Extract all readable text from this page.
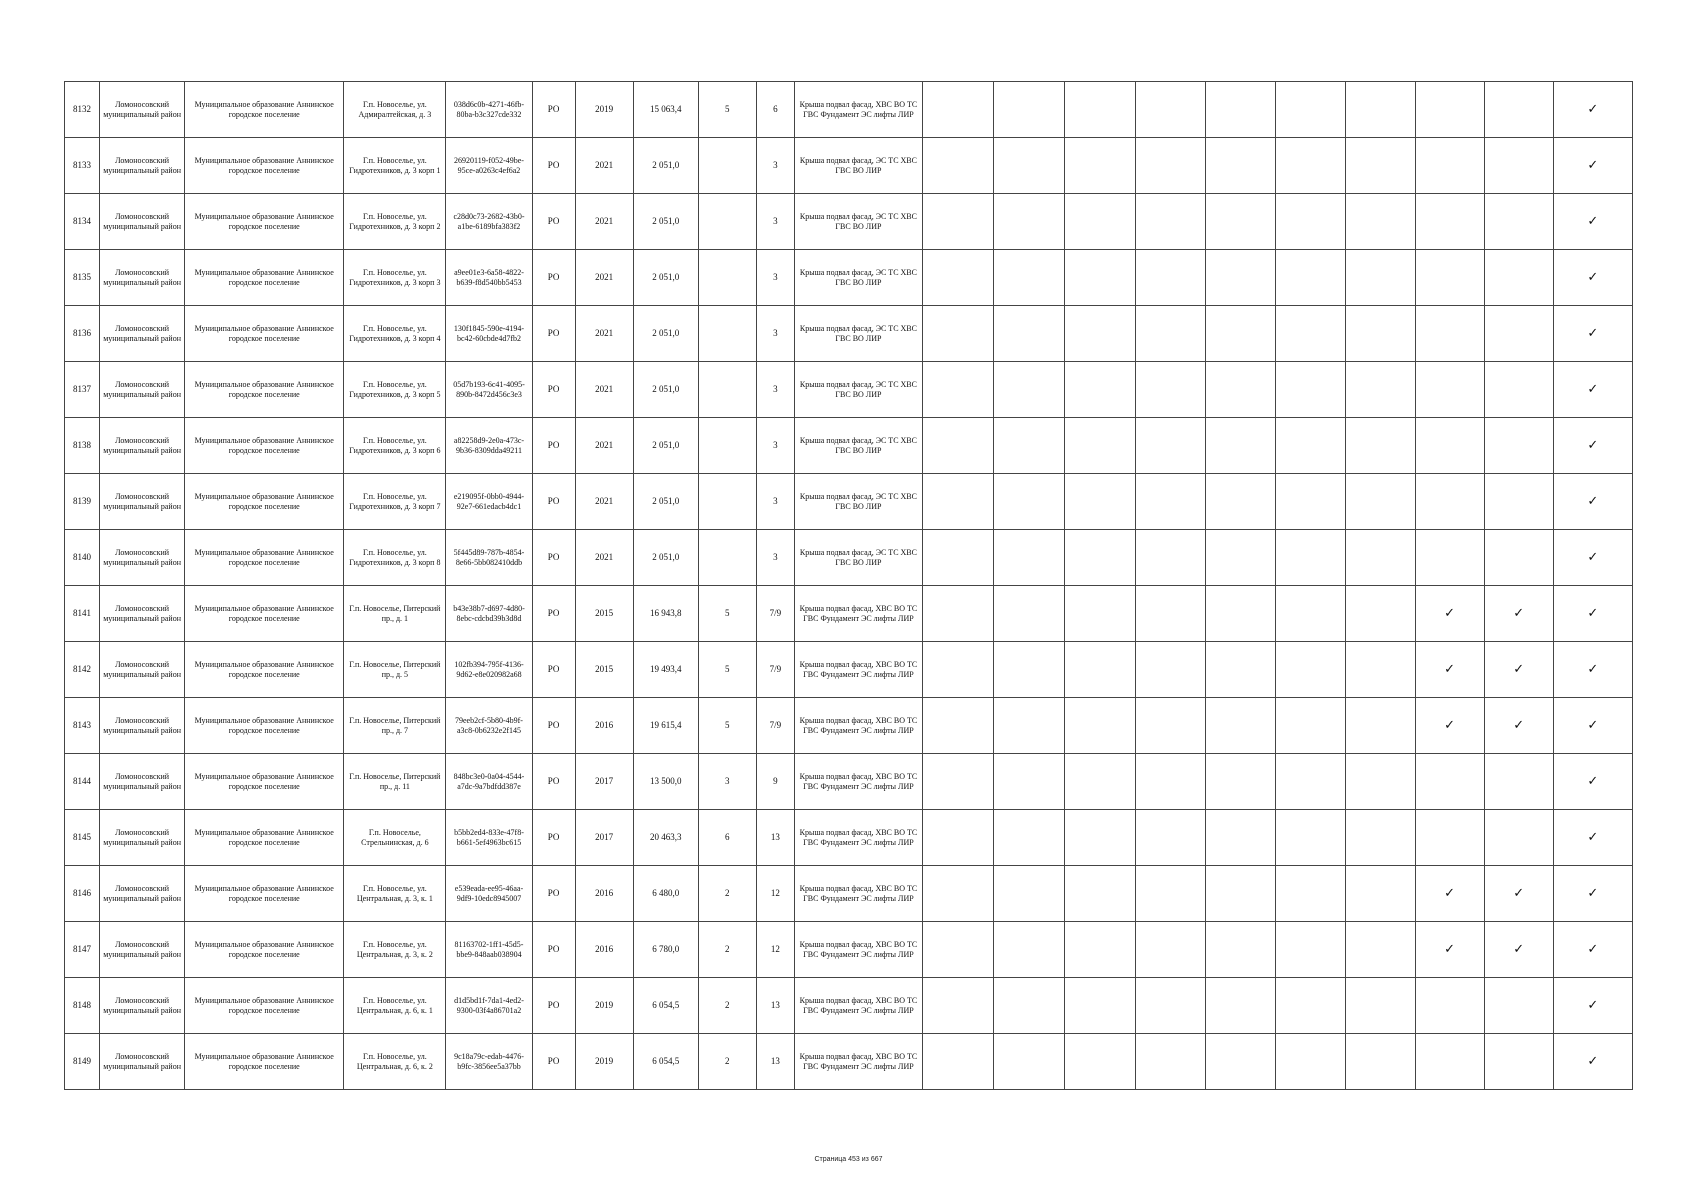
8132	Ломоносовский муниципальный район	Муниципальное образование Аннинское городское поселение	Г.п. Новоселье, ул. Адмиралтейская, д. 3	038d6c0b-4271-46fb-80ba-b3c327cde332	РО	2019	15 063,4	5	6	Крыша подвал фасад, ХВС ВО ТС ГВС Фундамент ЭС лифты ЛИР										✓
8133	Ломоносовский муниципальный район	Муниципальное образование Аннинское городское поселение	Г.п. Новоселье, ул. Гидротехников, д. 3 корп 1	26920119-f052-49be-95ce-a0263c4ef6a2	РО	2021	2 051,0		3	Крыша подвал фасад, ЭС ТС ХВС ГВС ВО ЛИР										✓
8134	Ломоносовский муниципальный район	Муниципальное образование Аннинское городское поселение	Г.п. Новоселье, ул. Гидротехников, д. 3 корп 2	c28d0c73-2682-43b0-a1be-6189bfa383f2	РО	2021	2 051,0		3	Крыша подвал фасад, ЭС ТС ХВС ГВС ВО ЛИР										✓
8135	Ломоносовский муниципальный район	Муниципальное образование Аннинское городское поселение	Г.п. Новоселье, ул. Гидротехников, д. 3 корп 3	a9ee01e3-6a58-4822-b639-f8d540bb5453	РО	2021	2 051,0		3	Крыша подвал фасад, ЭС ТС ХВС ГВС ВО ЛИР										✓
8136	Ломоносовский муниципальный район	Муниципальное образование Аннинское городское поселение	Г.п. Новоселье, ул. Гидротехников, д. 3 корп 4	130f1845-590e-4194-bc42-60cbde4d7fb2	РО	2021	2 051,0		3	Крыша подвал фасад, ЭС ТС ХВС ГВС ВО ЛИР										✓
8137	Ломоносовский муниципальный район	Муниципальное образование Аннинское городское поселение	Г.п. Новоселье, ул. Гидротехников, д. 3 корп 5	05d7b193-6c41-4095-890b-8472d456c3e3	РО	2021	2 051,0		3	Крыша подвал фасад, ЭС ТС ХВС ГВС ВО ЛИР										✓
8138	Ломоносовский муниципальный район	Муниципальное образование Аннинское городское поселение	Г.п. Новоселье, ул. Гидротехников, д. 3 корп 6	a82258d9-2e0a-473c-9b36-8309dda49211	РО	2021	2 051,0		3	Крыша подвал фасад, ЭС ТС ХВС ГВС ВО ЛИР										✓
8139	Ломоносовский муниципальный район	Муниципальное образование Аннинское городское поселение	Г.п. Новоселье, ул. Гидротехников, д. 3 корп 7	e219095f-0bb0-4944-92e7-661edacb4dc1	РО	2021	2 051,0		3	Крыша подвал фасад, ЭС ТС ХВС ГВС ВО ЛИР										✓
8140	Ломоносовский муниципальный район	Муниципальное образование Аннинское городское поселение	Г.п. Новоселье, ул. Гидротехников, д. 3 корп 8	5f445d89-787b-4854-8e66-5bb082410ddb	РО	2021	2 051,0		3	Крыша подвал фасад, ЭС ТС ХВС ГВС ВО ЛИР										✓
8141	Ломоносовский муниципальный район	Муниципальное образование Аннинское городское поселение	Г.п. Новоселье, Питерский пр., д. 1	b43e38b7-d697-4d80-8ebc-cdcbd39b3d8d	РО	2015	16 943,8	5	7/9	Крыша подвал фасад, ХВС ВО ТС ГВС Фундамент ЭС лифты ЛИР								✓	✓	✓
8142	Ломоносовский муниципальный район	Муниципальное образование Аннинское городское поселение	Г.п. Новоселье, Питерский пр., д. 5	102fb394-795f-4136-9d62-e8e020982a68	РО	2015	19 493,4	5	7/9	Крыша подвал фасад, ХВС ВО ТС ГВС Фундамент ЭС лифты ЛИР								✓	✓	✓
8143	Ломоносовский муниципальный район	Муниципальное образование Аннинское городское поселение	Г.п. Новоселье, Питерский пр., д. 7	79eeb2cf-5b80-4b9f-a3c8-0b6232e2f145	РО	2016	19 615,4	5	7/9	Крыша подвал фасад, ХВС ВО ТС ГВС Фундамент ЭС лифты ЛИР								✓	✓	✓
8144	Ломоносовский муниципальный район	Муниципальное образование Аннинское городское поселение	Г.п. Новоселье, Питерский пр., д. 11	848bc3e0-0a04-4544-a7dc-9a7bdfdd387e	РО	2017	13 500,0	3	9	Крыша подвал фасад, ХВС ВО ТС ГВС Фундамент ЭС лифты ЛИР										✓
8145	Ломоносовский муниципальный район	Муниципальное образование Аннинское городское поселение	Г.п. Новоселье, Стрельнинская, д. 6	b5bb2ed4-833e-47f8-b661-5ef4963bc615	РО	2017	20 463,3	6	13	Крыша подвал фасад, ХВС ВО ТС ГВС Фундамент ЭС лифты ЛИР										✓
8146	Ломоносовский муниципальный район	Муниципальное образование Аннинское городское поселение	Г.п. Новоселье, ул. Центральная, д. 3, к. 1	e539eada-ee95-46aa-9df9-10edc8945007	РО	2016	6 480,0	2	12	Крыша подвал фасад, ХВС ВО ТС ГВС Фундамент ЭС лифты ЛИР								✓	✓	✓
8147	Ломоносовский муниципальный район	Муниципальное образование Аннинское городское поселение	Г.п. Новоселье, ул. Центральная, д. 3, к. 2	81163702-1ff1-45d5-bbe9-848aab038904	РО	2016	6 780,0	2	12	Крыша подвал фасад, ХВС ВО ТС ГВС Фундамент ЭС лифты ЛИР								✓	✓	✓
8148	Ломоносовский муниципальный район	Муниципальное образование Аннинское городское поселение	Г.п. Новоселье, ул. Центральная, д. 6, к. 1	d1d5bd1f-7da1-4ed2-9300-03f4a86701a2	РО	2019	6 054,5	2	13	Крыша подвал фасад, ХВС ВО ТС ГВС Фундамент ЭС лифты ЛИР										✓
8149	Ломоносовский муниципальный район	Муниципальное образование Аннинское городское поселение	Г.п. Новоселье, ул. Центральная, д. 6, к. 2	9c18a79c-edab-4476-b9fc-3856ee5a37bb	РО	2019	6 054,5	2	13	Крыша подвал фасад, ХВС ВО ТС ГВС Фундамент ЭС лифты ЛИР										✓
Страница 453 из 667
